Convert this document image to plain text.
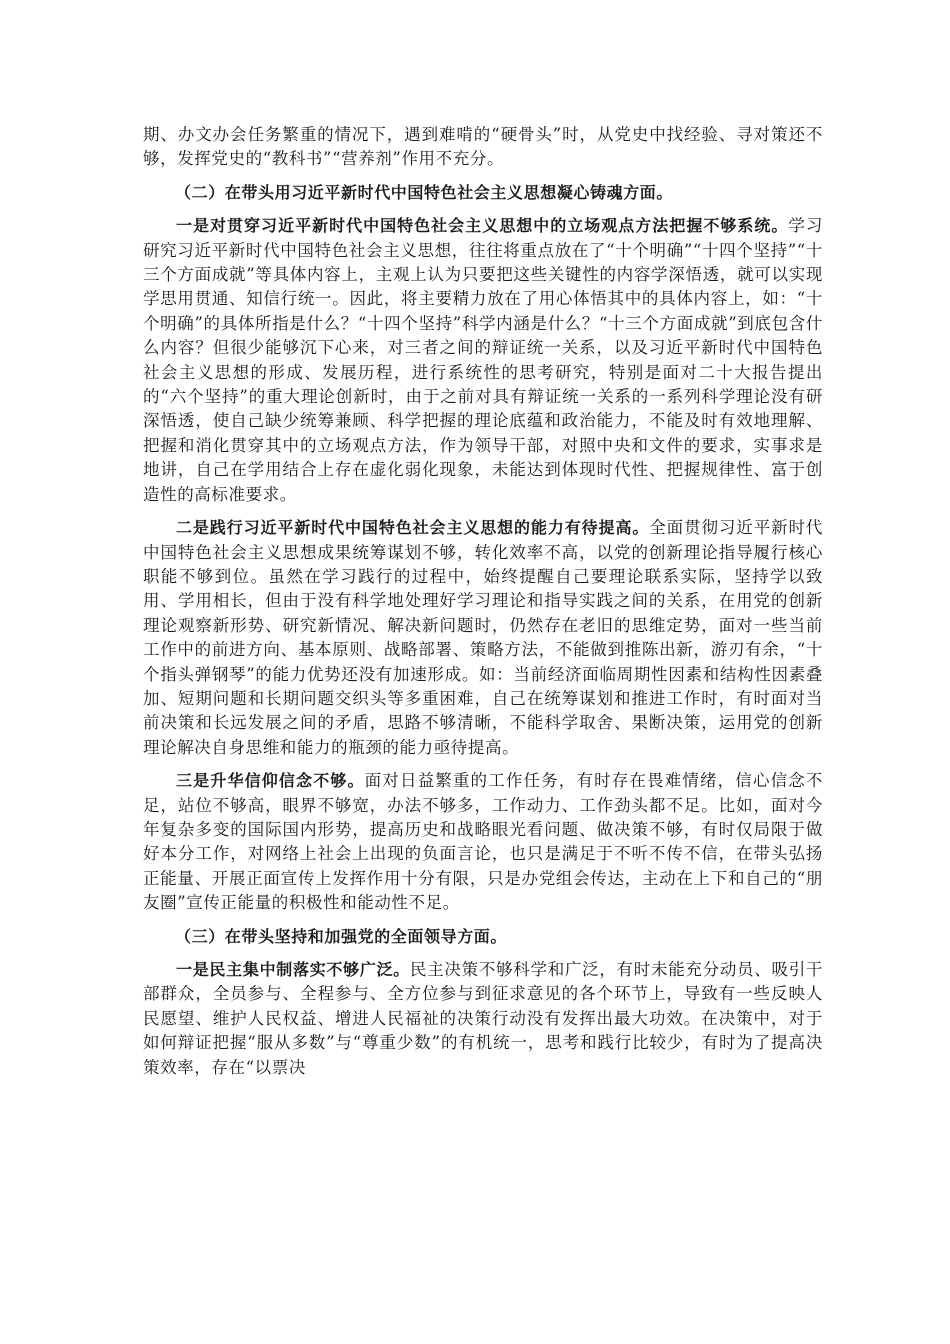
期、办文办会任务繁重的情况下，遇到难啃的“硬骨头”时，从党史中找经验、寻对策还不够，发挥党史的“教科书”“营养剂”作用不充分。

（二）在带头用习近平新时代中国特色社会主义思想凝心铸魂方面。

一是对贯穿习近平新时代中国特色社会主义思想中的立场观点方法把握不够系统。学习研究习近平新时代中国特色社会主义思想，往往将重点放在了“十个明确”“十四个坚持”“十三个方面成就”等具体内容上，主观上认为只要把这些关键性的内容学深悟透，就可以实现学思用贯通、知信行统一。因此，将主要精力放在了用心体悟其中的具体内容上，如：“十个明确”的具体所指是什么？“十四个坚持”科学内涵是什么？“十三个方面成就”到底包含什么内容？但很少能够沉下心来，对三者之间的辩证统一关系，以及习近平新时代中国特色社会主义思想的形成、发展历程，进行系统性的思考研究，特别是面对二十大报告提出的“六个坚持”的重大理论创新时，由于之前对具有辩证统一关系的一系列科学理论没有研深悟透，使自己缺少统筹兼顾、科学把握的理论底蕴和政治能力，不能及时有效地理解、把握和消化贯穿其中的立场观点方法，作为领导干部，对照中央和文件的要求，实事求是地讲，自己在学用结合上存在虚化弱化现象，未能达到体现时代性、把握规律性、富于创造性的高标准要求。

二是践行习近平新时代中国特色社会主义思想的能力有待提高。全面贯彻习近平新时代中国特色社会主义思想成果统筹谋划不够，转化效率不高，以党的创新理论指导履行核心职能不够到位。虽然在学习践行的过程中，始终提醒自己要理论联系实际，坚持学以致用、学用相长，但由于没有科学地处理好学习理论和指导实践之间的关系，在用党的创新理论观察新形势、研究新情况、解决新问题时，仍然存在老旧的思维定势，面对一些当前工作中的前进方向、基本原则、战略部署、策略方法，不能做到推陈出新，游刃有余，“十个指头弹钢琴”的能力优势还没有加速形成。如：当前经济面临周期性因素和结构性因素叠加、短期问题和长期问题交织头等多重困难，自己在统筹谋划和推进工作时，有时面对当前决策和长远发展之间的矛盾，思路不够清晰，不能科学取舍、果断决策，运用党的创新理论解决自身思维和能力的瓶颈的能力亟待提高。

三是升华信仰信念不够。面对日益繁重的工作任务，有时存在畏难情绪，信心信念不足，站位不够高，眼界不够宽，办法不够多，工作动力、工作劲头都不足。比如，面对今年复杂多变的国际国内形势，提高历史和战略眼光看问题、做决策不够，有时仅局限于做好本分工作，对网络上社会上出现的负面言论，也只是满足于不听不传不信，在带头弘扬正能量、开展正面宣传上发挥作用十分有限，只是办党组会传达，主动在上下和自己的“朋友圈”宣传正能量的积极性和能动性不足。

（三）在带头坚持和加强党的全面领导方面。

一是民主集中制落实不够广泛。民主决策不够科学和广泛，有时未能充分动员、吸引干部群众，全员参与、全程参与、全方位参与到征求意见的各个环节上，导致有一些反映人民愿望、维护人民权益、增进人民福祉的决策行动没有发挥出最大功效。在决策中，对于如何辩证把握“服从多数”与“尊重少数”的有机统一，思考和践行比较少，有时为了提高决策效率，存在“以票决
